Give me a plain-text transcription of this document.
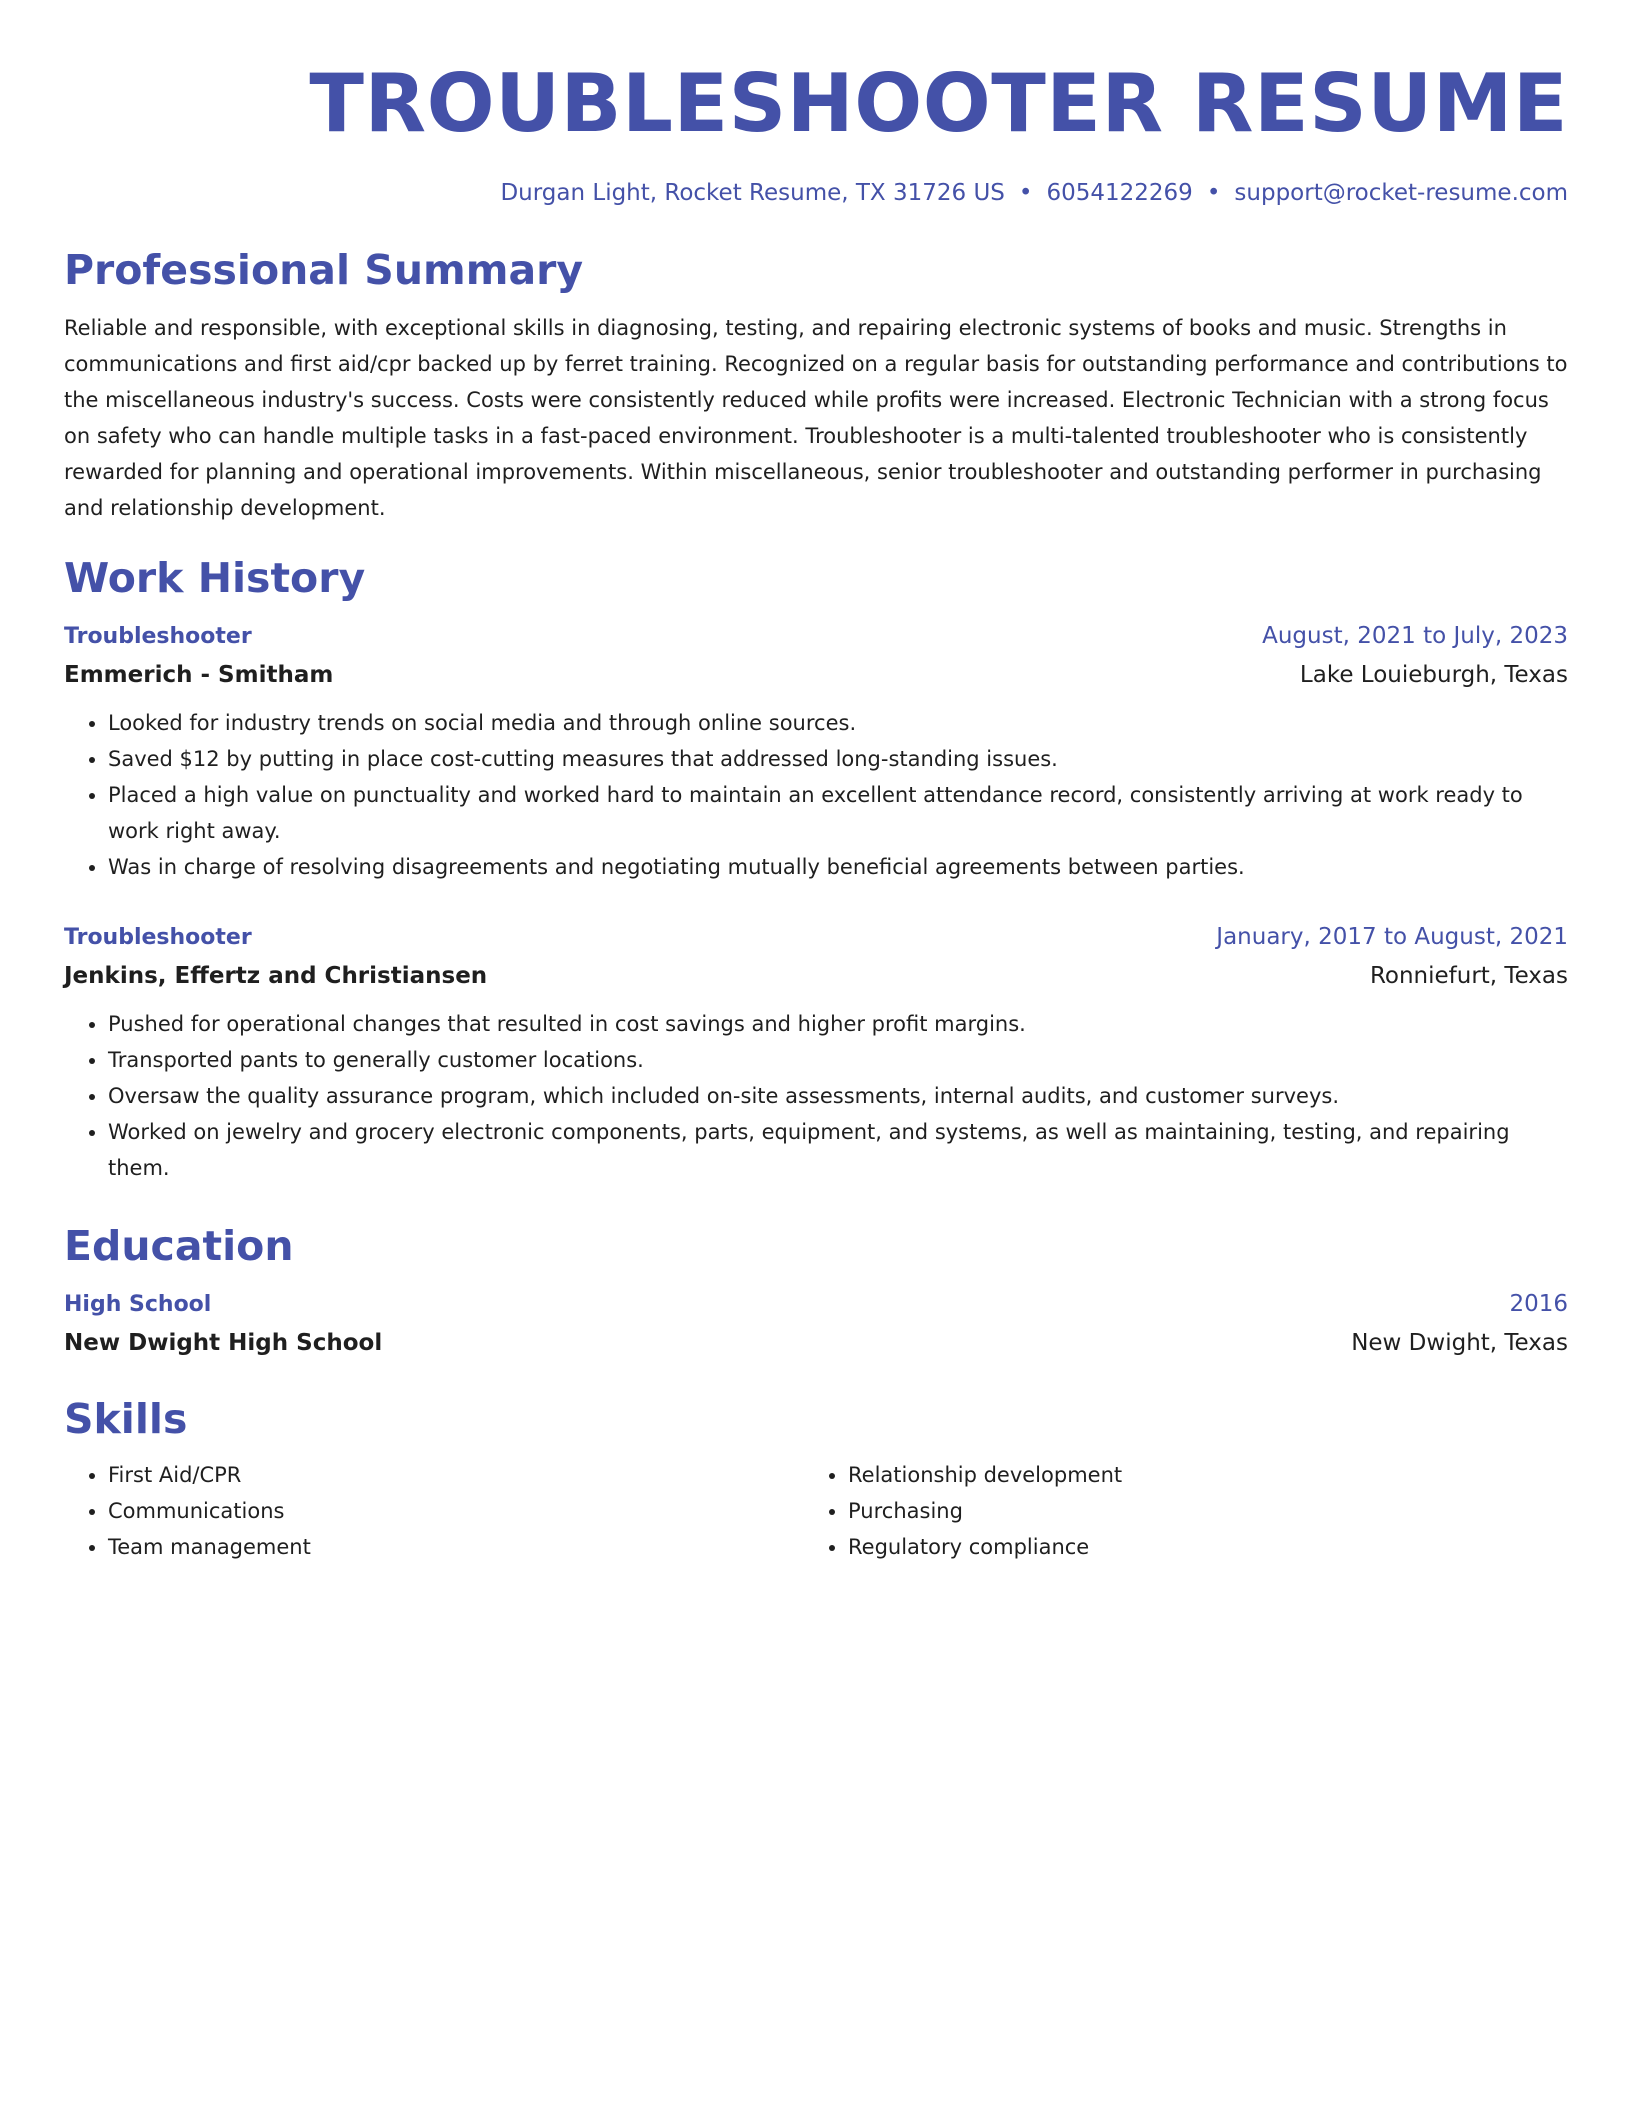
TROUBLESHOOTER RESUME
Durgan Light, Rocket Resume, TX 31726 US • 6054122269 • support@rocket-resume.com
Professional Summary
Reliable and responsible, with exceptional skills in diagnosing, testing, and repairing electronic systems of books and music. Strengths in communications and first aid/cpr backed up by ferret training. Recognized on a regular basis for outstanding performance and contributions to the miscellaneous industry's success. Costs were consistently reduced while profits were increased. Electronic Technician with a strong focus on safety who can handle multiple tasks in a fast-paced environment. Troubleshooter is a multi-talented troubleshooter who is consistently rewarded for planning and operational improvements. Within miscellaneous, senior troubleshooter and outstanding performer in purchasing and relationship development.
Work History
Troubleshooter	August, 2021 to July, 2023
Emmerich - Smitham	Lake Louieburgh, Texas
• Looked for industry trends on social media and through online sources.
• Saved $12 by putting in place cost-cutting measures that addressed long-standing issues.
• Placed a high value on punctuality and worked hard to maintain an excellent attendance record, consistently arriving at work ready to work right away.
• Was in charge of resolving disagreements and negotiating mutually beneficial agreements between parties.
Troubleshooter	January, 2017 to August, 2021
Jenkins, Effertz and Christiansen	Ronniefurt, Texas
• Pushed for operational changes that resulted in cost savings and higher profit margins.
• Transported pants to generally customer locations.
• Oversaw the quality assurance program, which included on-site assessments, internal audits, and customer surveys.
• Worked on jewelry and grocery electronic components, parts, equipment, and systems, as well as maintaining, testing, and repairing them.
Education
High School	2016
New Dwight High School	New Dwight, Texas
Skills
• First Aid/CPR
• Communications
• Team management
• Relationship development
• Purchasing
• Regulatory compliance
